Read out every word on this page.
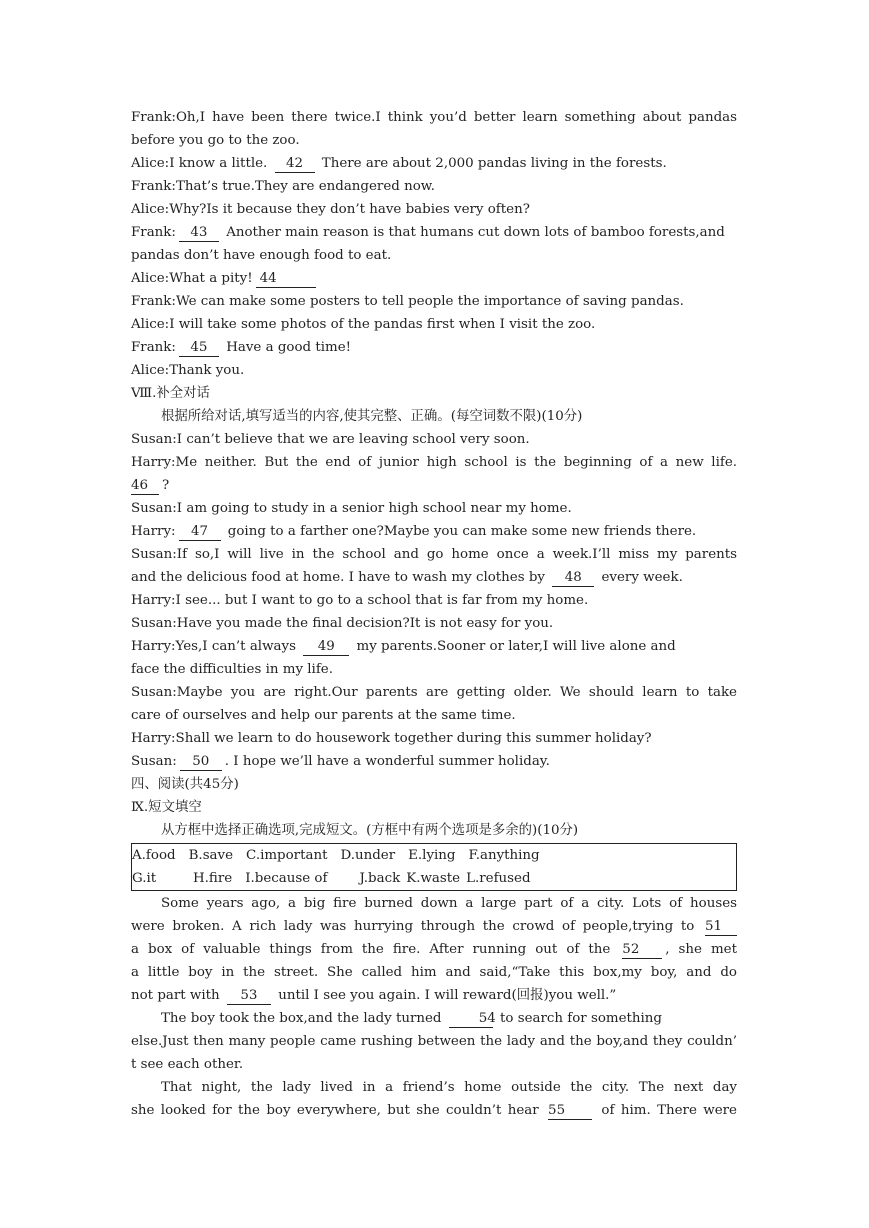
Frank:Oh,I have been there twice.I think you’d better learn something about pandas
before you go to the zoo.
Alice:I know a little. 42 There are about 2,000 pandas living in the forests.
Frank:That’s true.They are endangered now.
Alice:Why?Is it because they don’t have babies very often?
Frank: 43 Another main reason is that humans cut down lots of bamboo forests,and
pandas don’t have enough food to eat.
Alice:What a pity! 44
Frank:We can make some posters to tell people the importance of saving pandas.
Alice:I will take some photos of the pandas first when I visit the zoo.
Frank: 45 Have a good time!
Alice:Thank you.
Ⅷ.补全对话
根据所给对话,填写适当的内容,使其完整、正确。(每空词数不限)(10分)
Susan:I can’t believe that we are leaving school very soon.
Harry:Me neither. But the end of junior high school is the beginning of a new life.
46 ?
Susan:I am going to study in a senior high school near my home.
Harry: 47 going to a farther one?Maybe you can make some new friends there.
Susan:If so,I will live in the school and go home once a week.I’ll miss my parents
and the delicious food at home. I have to wash my clothes by 48 every week.
Harry:I see... but I want to go to a school that is far from my home.
Susan:Have you made the final decision?It is not easy for you.
Harry:Yes,I can’t always 49 my parents.Sooner or later,I will live alone and
face the difficulties in my life.
Susan:Maybe you are right.Our parents are getting older. We should learn to take
care of ourselves and help our parents at the same time.
Harry:Shall we learn to do housework together during this summer holiday?
Susan: 50 . I hope we’ll have a wonderful summer holiday.
四、阅读(共45分)
Ⅸ.短文填空
从方框中选择正确选项,完成短文。(方框中有两个选项是多余的)(10分)
A.food B.save C.important D.under E.lying F.anything
G.it	H.fire I.because of J.back K.waste L.refused
Some years ago, a big fire burned down a large part of a city. Lots of houses
were broken. A rich lady was hurrying through the crowd of people,trying to 51
a box of valuable things from the fire. After running out of the 52 , she met
a little boy in the street. She called him and said,“Take this box,my boy, and do
not part with 53 until I see you again. I will reward(回报)you well.”
The boy took the box,and the lady turned 54 to search for something
else.Just then many people came rushing between the lady and the boy,and they couldn’
t see each other.
That night, the lady lived in a friend’s home outside the city. The next day
she looked for the boy everywhere, but she couldn’t hear 55 of him. There were
